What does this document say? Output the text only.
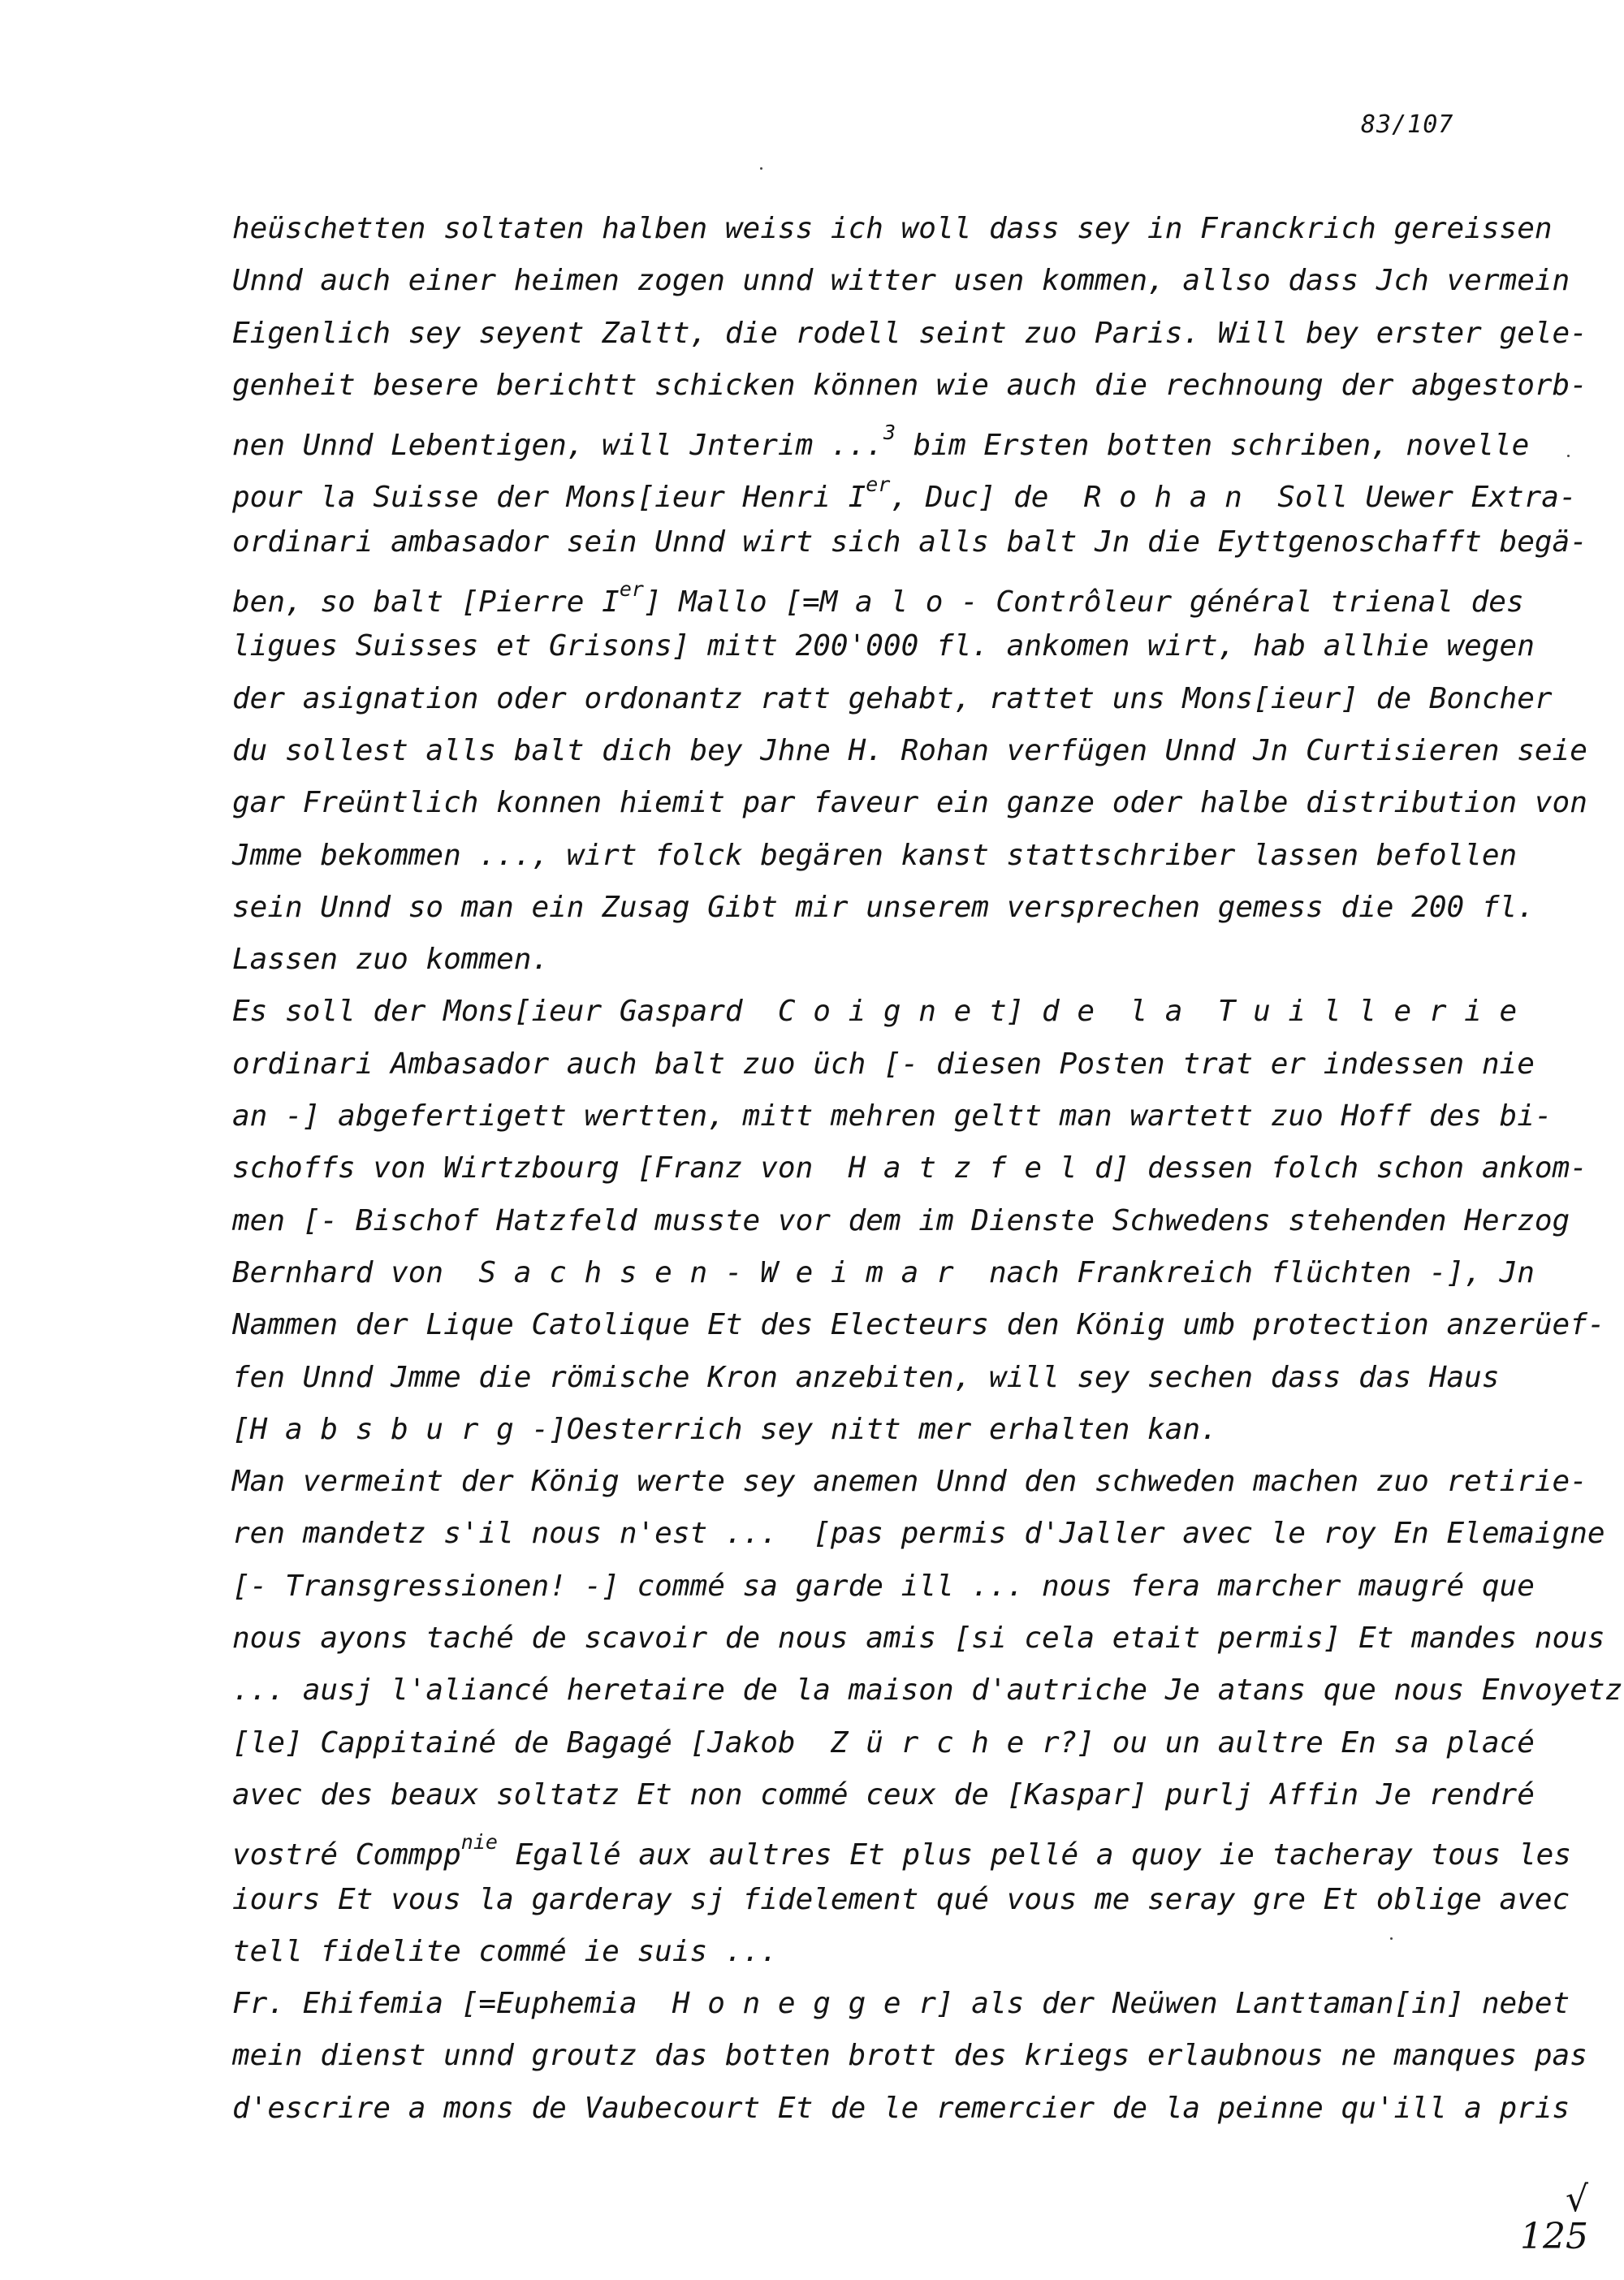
83/107
heüschetten soltaten halben weiss ich woll dass sey in Franckrich gereissen
Unnd auch einer heimen zogen unnd witter usen kommen, allso dass Jch vermein
Eigenlich sey seyent Zaltt, die rodell seint zuo Paris. Will bey erster gele-
genheit besere berichtt schicken können wie auch die rechnoung der abgestorb-
nen Unnd Lebentigen, will Jnterim ...$^3$ bim Ersten botten schriben, novelle
pour la Suisse der Mons[ieur Henri Ier, Duc] de  R o h a n  Soll Uewer Extra-
ordinari ambasador sein Unnd wirt sich alls balt Jn die Eyttgenoschafft begä-
ben, so balt [Pierre Ier] Mallo [=M a l o - Contrôleur général trienal des
ligues Suisses et Grisons] mitt 200'000 fl. ankomen wirt, hab allhie wegen
der asignation oder ordonantz ratt gehabt, rattet uns Mons[ieur] de Boncher
du sollest alls balt dich bey Jhne H. Rohan verfügen Unnd Jn Curtisieren seie
gar Freüntlich konnen hiemit par faveur ein ganze oder halbe distribution von
Jmme bekommen ..., wirt folck begären kanst stattschriber lassen befollen
sein Unnd so man ein Zusag Gibt mir unserem versprechen gemess die 200 fl.
Lassen zuo kommen.
Es soll der Mons[ieur Gaspard  C o i g n e t] d e  l a  T u i l l e r i e
ordinari Ambasador auch balt zuo üch [- diesen Posten trat er indessen nie
an -] abgefertigett wertten, mitt mehren geltt man wartett zuo Hoff des bi-
schoffs von Wirtzbourg [Franz von  H a t z f e l d] dessen folch schon ankom-
men [- Bischof Hatzfeld musste vor dem im Dienste Schwedens stehenden Herzog
Bernhard von  S a c h s e n - W e i m a r  nach Frankreich flüchten -], Jn
Nammen der Lique Catolique Et des Electeurs den König umb protection anzerüef-
fen Unnd Jmme die römische Kron anzebiten, will sey sechen dass das Haus
[H a b s b u r g -]Oesterrich sey nitt mer erhalten kan.
Man vermeint der König werte sey anemen Unnd den schweden machen zuo retirie-
ren mandetz s'il nous n'est ...  [pas permis d'Jaller avec le roy En Elemaigne
[- Transgressionen! -] commé sa garde ill ... nous fera marcher maugré que
nous ayons taché de scavoir de nous amis [si cela etait permis] Et mandes nous
... ausj l'aliancé heretaire de la maison d'autriche Je atans que nous Envoyetz
[le] Cappitainé de Bagagé [Jakob  Z ü r c h e r?] ou un aultre En sa placé
avec des beaux soltatz Et non commé ceux de [Kaspar] purlj Affin Je rendré
vostré Commpp$^{nie}$ Egallé aux aultres Et plus pellé a quoy ie tacheray tous les
iours Et vous la garderay sj fidelement qué vous me seray gre Et oblige avec
tell fidelite commé ie suis ...
Fr. Ehifemia [=Euphemia  H o n e g g e r] als der Neüwen Lanttaman[in] nebet
mein dienst unnd groutz das botten brott des kriegs erlaubnous ne manques pas
d'escrire a mons de Vaubecourt Et de le remercier de la peinne qu'ill a pris
√
125
